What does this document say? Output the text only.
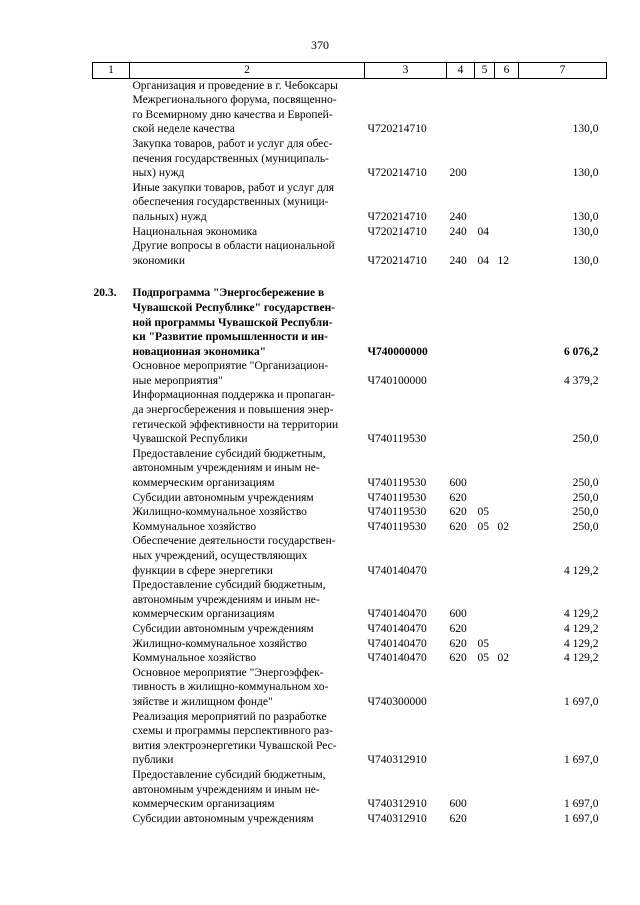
370
1	2	3	4	5	6	7

	Организация и проведение в г. Чебоксары
Межрегионального форума, посвященно-
го Всемирному дню качества и Европей-
ской неделе качества	Ч720214710				130,0

	Закупка товаров, работ и услуг для обес-
печения государственных (муниципаль-
ных) нужд	Ч720214710	200			130,0

	Иные закупки товаров, работ и услуг для
обеспечения государственных (муници-
пальных) нужд	Ч720214710	240			130,0

	Национальная экономика	Ч720214710	240	04		130,0

	Другие вопросы в области национальной
экономики	Ч720214710	240	04	12	130,0

20.3.	Подпрограмма "Энергосбережение в
Чувашской Республике" государствен-
ной программы Чувашской Республи-
ки "Развитие промышленности и ин-
новационная экономика"	Ч740000000				6 076,2

	Основное мероприятие "Организацион-
ные мероприятия"	Ч740100000				4 379,2

	Информационная поддержка и пропаган-
да энергосбережения и повышения энер-
гетической эффективности на территории
Чувашской Республики	Ч740119530				250,0

	Предоставление субсидий бюджетным,
автономным учреждениям и иным не-
коммерческим организациям	Ч740119530	600			250,0

	Субсидии автономным учреждениям	Ч740119530	620			250,0

	Жилищно-коммунальное хозяйство	Ч740119530	620	05		250,0

	Коммунальное хозяйство	Ч740119530	620	05	02	250,0

	Обеспечение деятельности государствен-
ных учреждений, осуществляющих
функции в сфере энергетики	Ч740140470				4 129,2

	Предоставление субсидий бюджетным,
автономным учреждениям и иным не-
коммерческим организациям	Ч740140470	600			4 129,2

	Субсидии автономным учреждениям	Ч740140470	620			4 129,2

	Жилищно-коммунальное хозяйство	Ч740140470	620	05		4 129,2

	Коммунальное хозяйство	Ч740140470	620	05	02	4 129,2

	Основное мероприятие "Энергоэффек-
тивность в жилищно-коммунальном хо-
зяйстве и жилищном фонде"	Ч740300000				1 697,0

	Реализация мероприятий по разработке
схемы и программы перспективного раз-
вития электроэнергетики Чувашской Рес-
публики	Ч740312910				1 697,0

	Предоставление субсидий бюджетным,
автономным учреждениям и иным не-
коммерческим организациям	Ч740312910	600			1 697,0

	Субсидии автономным учреждениям	Ч740312910	620			1 697,0
